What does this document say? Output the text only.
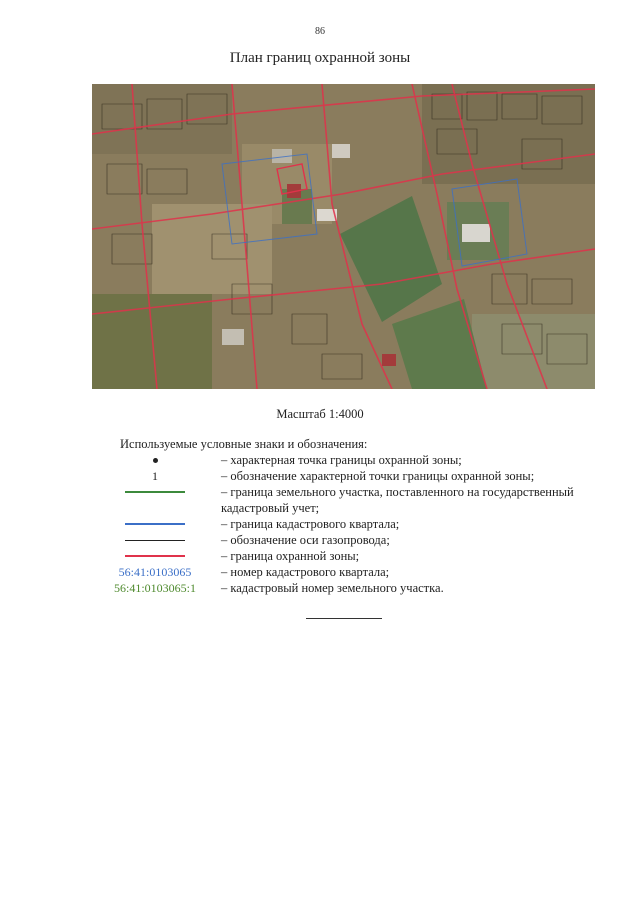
86
План границ охранной зоны
Масштаб 1:4000
Используемые условные знаки и обозначения:
– характерная точка границы охранной зоны;
1	– обозначение характерной точки границы охранной зоны;
– граница земельного участка, поставленного на государственный кадастровый учет;
– граница кадастрового квартала;
– обозначение оси газопровода;
– граница охранной зоны;
56:41:0103065	– номер кадастрового квартала;
56:41:0103065:1	– кадастровый номер земельного участка.
